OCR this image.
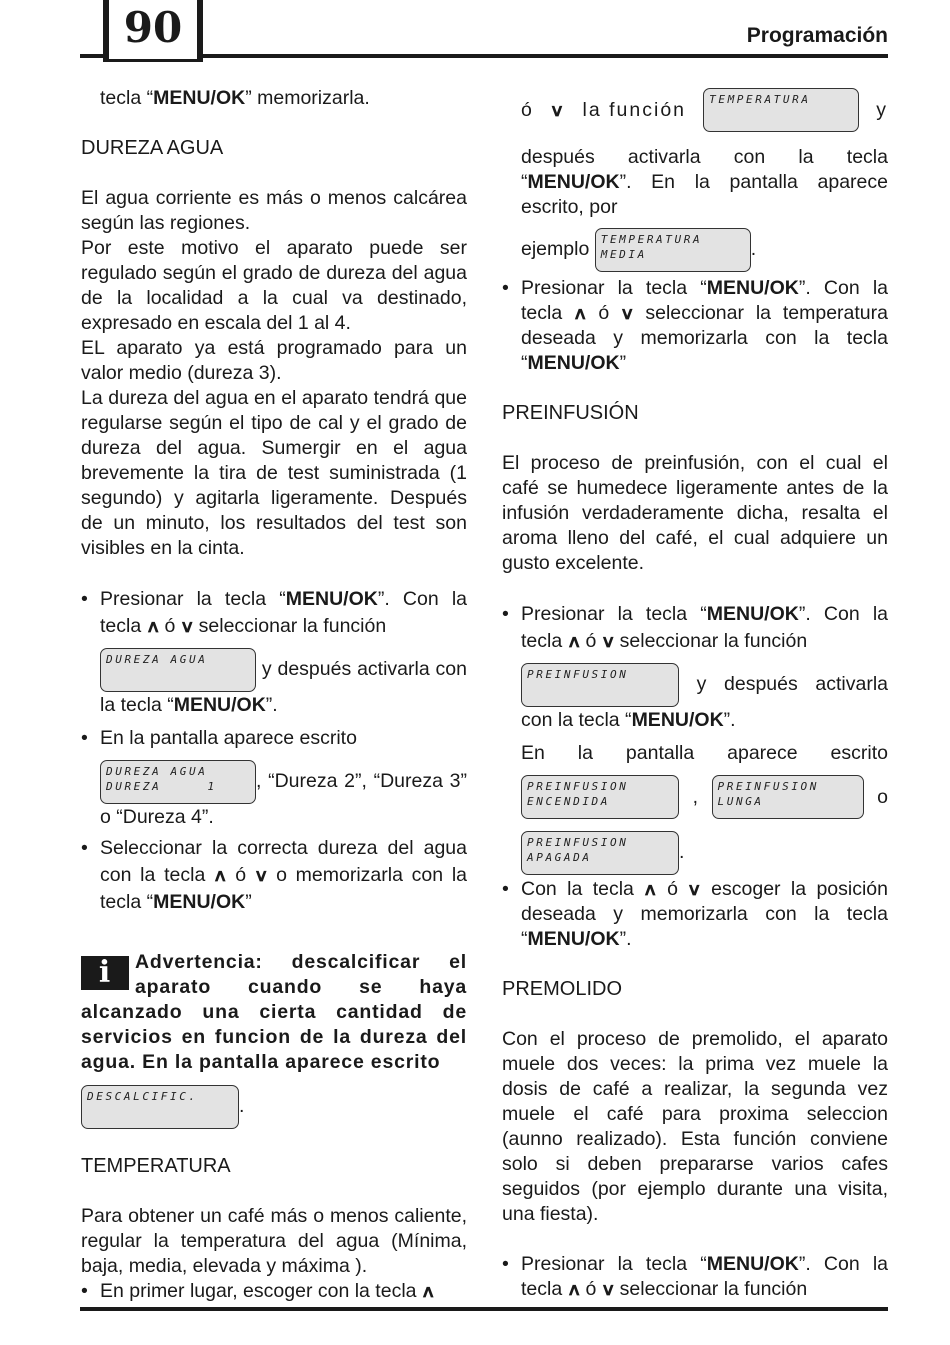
90	Programación

tecla “MENU/OK” memorizarla.

DUREZA AGUA

El agua corriente es más o menos calcárea según las regiones.

Por este motivo el aparato puede ser regulado según el grado de dureza del agua de la localidad a la cual va destinado, expresado en escala del 1 al 4.

EL aparato ya está programado para un valor medio (dureza 3).

La dureza del agua en el aparato tendrá que regularse según el tipo de cal y el grado de dureza del agua. Sumergir en el agua brevemente la tira de test suministrada (1 segundo) y agitarla ligeramente. Después de un minuto, los resultados del test son visibles en la cinta.

• Presionar la tecla “MENU/OK”. Con la tecla ∧ ó ∨ seleccionar la función
DUREZA AGUA	y después activarla con la tecla “MENU/OK”.
• En la pantalla aparece escrito
DUREZA AGUA
DUREZA     1 , “Dureza 2”, “Dureza 3” o “Dureza 4”.
• Seleccionar la correcta dureza del agua con la tecla ∧ ó ∨ o memorizarla con la tecla “MENU/OK”
i	Advertencia: descalcificar el aparato cuando se haya alcanzado una cierta cantidad de servicios en funcion de la dureza del agua. En la pantalla aparece escrito
DESCALCIFIC. .

TEMPERATURA

Para obtener un café más o menos caliente, regular la temperatura del agua (Mínima, baja, media, elevada y máxima ).

• En primer lugar, escoger con la tecla ∧
ó ∨ la función	TEMPERATURA	y

después activarla con la tecla “MENU/OK”. En la pantalla aparece escrito, por

ejemplo TEMPERATURA
MEDIA	.
• Presionar la tecla “MENU/OK”. Con la tecla ∧ ó ∨ seleccionar la temperatura deseada y memorizarla con la tecla “MENU/OK”

PREINFUSIÓN

El proceso de preinfusión, con el cual el café se humedece ligeramente antes de la infusión verdaderamente dicha, resalta el aroma lleno del café, el cual adquiere un gusto excelente.

• Presionar la tecla “MENU/OK”. Con la tecla ∧ ó ∨ seleccionar la función
PREINFUSION	y después activarla con la tecla “MENU/OK”.
En la pantalla aparece escrito
PREINFUSION
ENCENDIDA	,	PREINFUSION
LUNGA	o
PREINFUSION
APAGADA	.
• Con la tecla ∧ ó ∨ escoger la posición deseada y memorizarla con la tecla “MENU/OK”.

PREMOLIDO

Con el proceso de premolido, el aparato muele dos veces: la prima vez muele la dosis de café a realizar, la segunda vez muele el café para proxima seleccion (aunno realizado). Esta función conviene solo si deben prepararse varios cafes seguidos (por ejemplo durante una visita, una fiesta).

• Presionar la tecla “MENU/OK”. Con la tecla ∧ ó ∨ seleccionar la función
